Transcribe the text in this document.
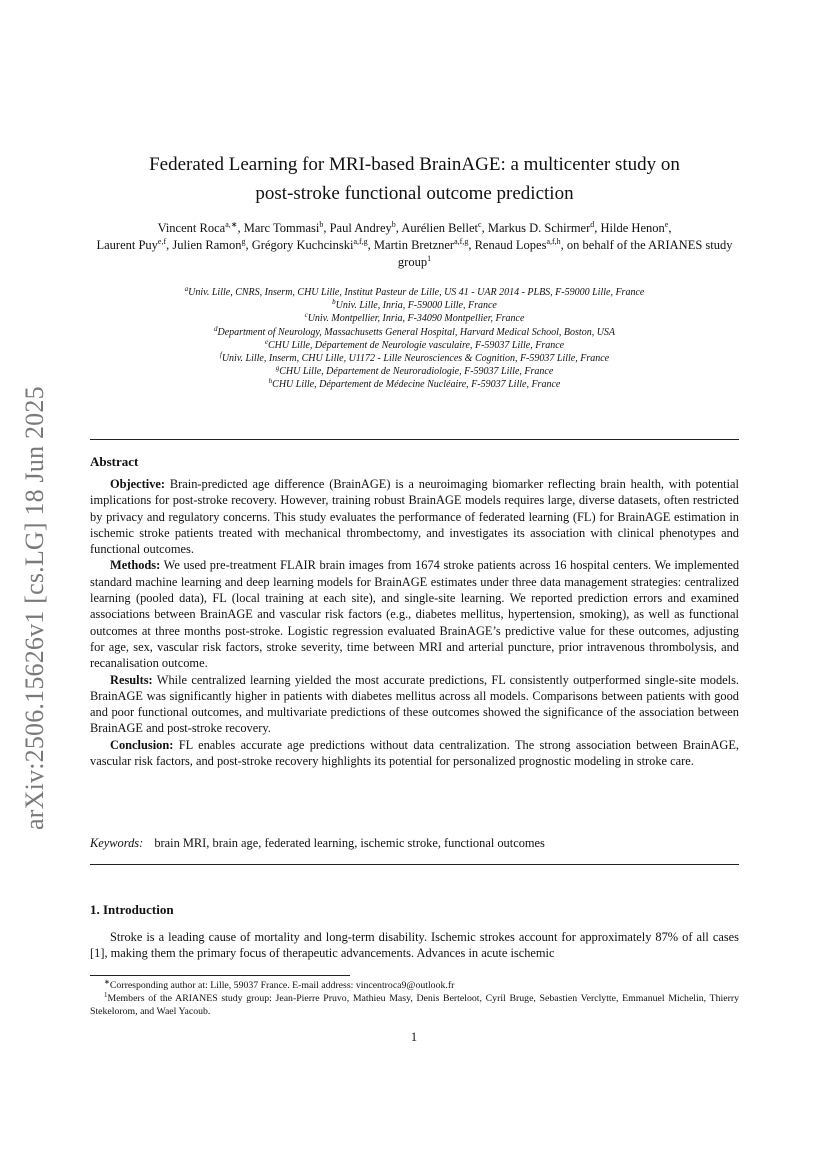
arXiv:2506.15626v1 [cs.LG] 18 Jun 2025
Federated Learning for MRI-based BrainAGE: a multicenter study on
post-stroke functional outcome prediction
Vincent Roca$^{a,∗}$, Marc Tommasi$^b$, Paul Andrey$^b$, Aurélien Bellet$^c$, Markus D. Schirmer$^d$, Hilde Henon$^e$,
Laurent Puy$^{e,f}$, Julien Ramon$^g$, Grégory Kuchcinski$^{a,f,g}$, Martin Bretzner$^{a,f,g}$, Renaud Lopes$^{a,f,h}$, on behalf of the ARIANES study group$^1$
$^a$Univ. Lille, CNRS, Inserm, CHU Lille, Institut Pasteur de Lille, US 41 - UAR 2014 - PLBS, F-59000 Lille, France
$^b$Univ. Lille, Inria, F-59000 Lille, France
$^c$Univ. Montpellier, Inria, F-34090 Montpellier, France
$^d$Department of Neurology, Massachusetts General Hospital, Harvard Medical School, Boston, USA
$^e$CHU Lille, Département de Neurologie vasculaire, F-59037 Lille, France
$^f$Univ. Lille, Inserm, CHU Lille, U1172 - Lille Neurosciences & Cognition, F-59037 Lille, France
$^g$CHU Lille, Département de Neuroradiologie, F-59037 Lille, France
$^h$CHU Lille, Département de Médecine Nucléaire, F-59037 Lille, France
Abstract

Objective: Brain-predicted age difference (BrainAGE) is a neuroimaging biomarker reflecting brain health, with potential implications for post-stroke recovery. However, training robust BrainAGE models requires large, diverse datasets, often restricted by privacy and regulatory concerns. This study evaluates the performance of federated learning (FL) for BrainAGE estimation in ischemic stroke patients treated with mechanical thrombectomy, and investigates its association with clinical phenotypes and functional outcomes.

Methods: We used pre-treatment FLAIR brain images from 1674 stroke patients across 16 hospital centers. We implemented standard machine learning and deep learning models for BrainAGE estimates under three data management strategies: centralized learning (pooled data), FL (local training at each site), and single-site learning. We reported prediction errors and examined associations between BrainAGE and vascular risk factors (e.g., diabetes mellitus, hypertension, smoking), as well as functional outcomes at three months post-stroke. Logistic regression evaluated BrainAGE’s predictive value for these outcomes, adjusting for age, sex, vascular risk factors, stroke severity, time between MRI and arterial puncture, prior intravenous thrombolysis, and recanalisation outcome.

Results: While centralized learning yielded the most accurate predictions, FL consistently outperformed single-site models. BrainAGE was significantly higher in patients with diabetes mellitus across all models. Comparisons between patients with good and poor functional outcomes, and multivariate predictions of these outcomes showed the significance of the association between BrainAGE and post-stroke recovery.

Conclusion: FL enables accurate age predictions without data centralization. The strong association between BrainAGE, vascular risk factors, and post-stroke recovery highlights its potential for personalized prognostic modeling in stroke care.

Keywords: brain MRI, brain age, federated learning, ischemic stroke, functional outcomes
1. Introduction
Stroke is a leading cause of mortality and long-term disability. Ischemic strokes account for approximately 87% of all cases [1], making them the primary focus of therapeutic advancements. Advances in acute ischemic

∗Corresponding author at: Lille, 59037 France. E-mail address: vincentroca9@outlook.fr

$^1$Members of the ARIANES study group: Jean-Pierre Pruvo, Mathieu Masy, Denis Berteloot, Cyril Bruge, Sebastien Verclytte, Emmanuel Michelin, Thierry Stekelorom, and Wael Yacoub.

1
